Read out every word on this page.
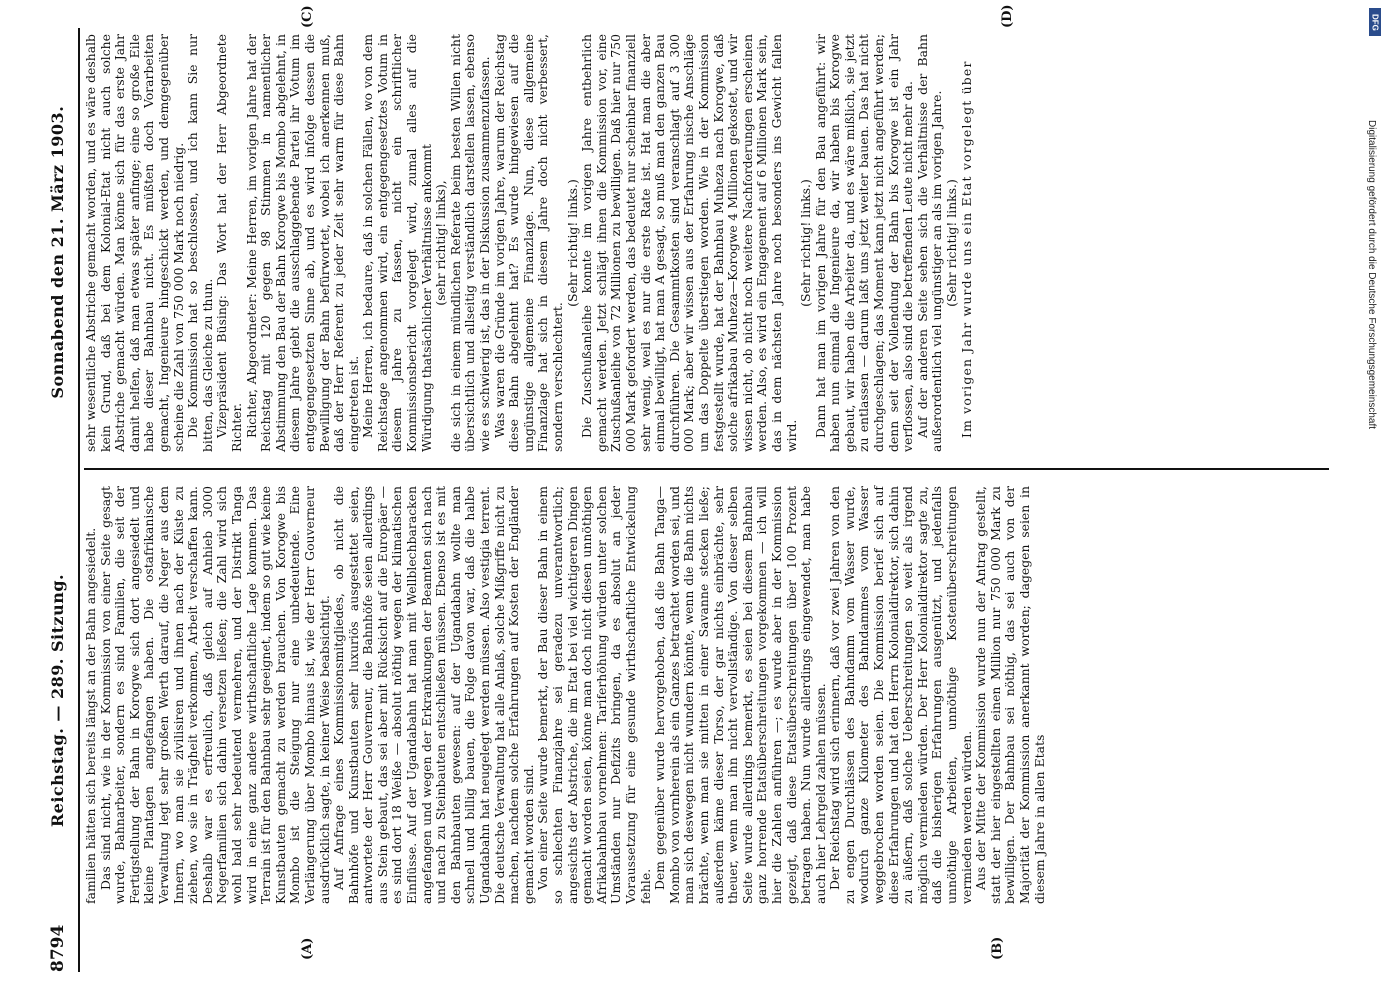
8794
Reichstag. — 289. Sitzung.
Sonnabend den 21. März 1903.
(A)	(B)
(C)	(D)

familien hätten sich bereits längst an der Bahn angesiedelt. Das sind nicht, wie in der Kommission von einer Seite gesagt wurde, Bahnarbeiter, sondern es sind Familien, die seit der Fertigstellung der Bahn in Korogwe sich dort angesiedelt und kleine Plantagen angefangen haben. Die ostafrikanische Verwaltung legt sehr großen Werth darauf, die Neger aus dem Innern, wo man sie zivilisiren und ihnen nach der Küste zu ziehen, wo sie in Trägheit verkommen, Arbeit verschaffen kann. Deshalb war es erfreulich, daß gleich auf Anhieb 3000 Negerfamilien sich dahin versetzen ließen; die Zahl wird sich wohl bald sehr bedeutend vermehren, und der Distrikt Tanga wird in eine ganz andere wirthschaftliche Lage kommen. Das Terrain ist für den Bahnbau sehr geeignet, indem so gut wie keine Kunstbauten gemacht zu werden brauchen. Von Korogwe bis Mombo ist die Steigung nur eine unbedeutende. Eine Verlängerung über Mombo hinaus ist, wie der Herr Gouverneur ausdrücklich sagte, in keiner Weise beabsichtigt. Auf Anfrage eines Kommissionsmitgliedes, ob nicht die Bahnhöfe und Kunstbauten sehr luxuriös ausgestattet seien, antwortete der Herr Gouverneur, die Bahnhöfe seien allerdings aus Stein gebaut, das sei aber mit Rücksicht auf die Europäer — es sind dort 18 Weiße — absolut nöthig wegen der klimatischen Einflüsse. Auf der Ugandabahn hat man mit Wellblechbaracken angefangen und wegen der Erkrankungen der Beamten sich nach und nach zu Steinbauten entschließen müssen. Ebenso ist es mit den Bahnbauten gewesen: auf der Ugandabahn wollte man schnell und billig bauen, die Folge davon war, daß die halbe Ugandabahn hat neugelegt werden müssen. Also vestigia terrent. Die deutsche Verwaltung hat alle Anlaß, solche Mißgriffe nicht zu machen, nachdem solche Erfahrungen auf Kosten der Engländer gemacht worden sind. Von einer Seite wurde bemerkt, der Bau dieser Bahn in einem so schlechten Finanzjahre sei geradezu unverantwortlich; angesichts der Abstriche, die im Etat bei viel wichtigeren Dingen gemacht worden seien, könne man doch nicht diesen unnöthigen Afrikabahnbau vornehmen: Tariferhöhung würden unter solchen Umständen nur Defizits bringen, da es absolut an jeder Voraussetzung für eine gesunde wirthschaftliche Entwickelung fehle. Dem gegenüber wurde hervorgehoben, daß die Bahn Tanga—Mombo von vornherein als ein Ganzes betrachtet worden sei, und man sich deswegen nicht wundern könnte, wenn die Bahn nichts brächte, wenn man sie mitten in einer Savanne stecken ließe; außerdem käme dieser Torso, der gar nichts einbrächte, sehr theuer, wenn man ihn nicht vervollständige. Von dieser selben Seite wurde allerdings bemerkt, es seien bei diesem Bahnbau ganz horrende Etatsüberschreitungen vorgekommen — ich will hier die Zahlen anführen —; es wurde aber in der Kommission gezeigt, daß diese Etatsüberschreitungen über 100 Prozent betragen haben. Nun wurde allerdings eingewendet, man habe auch hier Lehrgeld zahlen müssen. Der Reichstag wird sich erinnern, daß vor zwei Jahren von den zu engen Durchlässen des Bahndamm vom Wasser wurde, wodurch ganze Kilometer des Bahndammes vom Wasser weggebrochen worden seien. Die Kommission berief sich auf diese Erfahrungen und hat den Herrn Kolonialdirektor, sich dahin zu äußern, daß solche Ueberschreitungen so weit als irgend möglich vermieden würden. Der Herr Kolonialdirektor sagte zu, daß die bisherigen Erfahrungen ausgenützt, und jedenfalls unnöthige Arbeiten, unnöthige Kostenüberschreitungen vermieden werden würden. Aus der Mitte der Kommission wurde nun der Antrag gestellt, statt der hier eingestellten einen Million nur 750 000 Mark zu bewilligen. Der Bahnbau sei nöthig, das sei auch von der Majorität der Kommission anerkannt worden; dagegen seien in diesem Jahre in allen Etats

sehr wesentliche Abstriche gemacht worden, und es wäre deshalb kein Grund, daß bei dem Kolonial-Etat nicht auch solche Abstriche gemacht würden. Man könne sich für das erste Jahr damit helfen, daß man etwas später anfinge; eine so große Eile habe dieser Bahnbau nicht. Es müßten doch Vorarbeiten gemacht, Ingenieure hingeschickt werden, und demgegenüber scheine die Zahl von 750 000 Mark noch niedrig. Die Kommission hat so beschlossen, und ich kann Sie nur bitten, das Gleiche zu thun. Vizepräsident Büsing: Das Wort hat der Herr Abgeordnete Richter. Richter, Abgeordneter: Meine Herren, im vorigen Jahre hat der Reichstag mit 120 gegen 98 Stimmen in namentlicher Abstimmung den Bau der Bahn Korogwe bis Mombo abgelehnt, in diesem Jahre giebt die ausschlaggebende Partei ihr Votum im entgegengesetzten Sinne ab, und es wird infolge dessen die Bewilligung der Bahn befürwortet, wobei ich anerkennen muß, daß der Herr Referent zu jeder Zeit sehr warm für diese Bahn eingetreten ist. Meine Herren, ich bedaure, daß in solchen Fällen, wo von dem Reichstage angenommen wird, ein entgegengesetztes Votum in diesem Jahre zu fassen, nicht ein schriftlicher Kommissionsbericht vorgelegt wird, zumal alles auf die Würdigung thatsächlicher Verhältnisse ankommt (sehr richtig! links), die sich in einem mündlichen Referate beim besten Willen nicht übersichtlich und allseitig verständlich darstellen lassen, ebenso wie es schwierig ist, das in der Diskussion zusammenzufassen. Was waren die Gründe im vorigen Jahre, warum der Reichstag diese Bahn abgelehnt hat? Es wurde hingewiesen auf die ungünstige allgemeine Finanzlage. Nun, diese allgemeine Finanzlage hat sich in diesem Jahre doch nicht verbessert, sondern verschlechtert.

(Sehr richtig! links.) Die Zuschußanleihe konnte im vorigen Jahre entbehrlich gemacht werden. Jetzt schlägt ihnen die Kommission vor, eine Zuschußanleihe von 72 Millionen zu bewilligen. Daß hier nur 750 000 Mark gefordert werden, das bedeutet nur scheinbar finanziell sehr wenig, weil es nur die erste Rate ist. Hat man die aber einmal bewilligt, hat man A gesagt, so muß man den ganzen Bau durchführen. Die Gesammtkosten sind veranschlagt auf 3 300 000 Mark; aber wir wissen aus der Erfahrung nische Anschläge um das Doppelte überstiegen worden. Wie in der Kommission festgestellt wurde, hat der Bahnbau Muheza nach Korogwe, daß solche afrikabau Muheza—Korogwe 4 Millionen gekostet, und wir wissen nicht, ob nicht noch weitere Nachforderungen erscheinen werden. Also, es wird ein Engagement auf 6 Millionen Mark sein, das in dem nächsten Jahre noch besonders ins Gewicht fallen wird.

(Sehr richtig! links.) Dann hat man im vorigen Jahre für den Bau angeführt: wir haben nun einmal die Ingenieure da, wir haben bis Korogwe gebaut, wir haben die Arbeiter da, und es wäre mißlich, sie jetzt zu entlassen — darum laßt uns jetzt weiter bauen. Das hat nicht durchgeschlagen; das Moment kann jetzt nicht angeführt werden; denn seit der Vollendung der Bahn bis Korogwe ist ein Jahr verflossen, also sind die betreffenden Leute nicht mehr da. Auf der anderen Seite sehen sich die Verhältnisse der Bahn außerordentlich viel ungünstiger an als im vorigen Jahre. (Sehr richtig! links.) Im vorigen Jahr wurde uns ein Etat vorgelegt über

DFG
Digitalisierung gefördert durch die Deutsche Forschungsgemeinschaft
